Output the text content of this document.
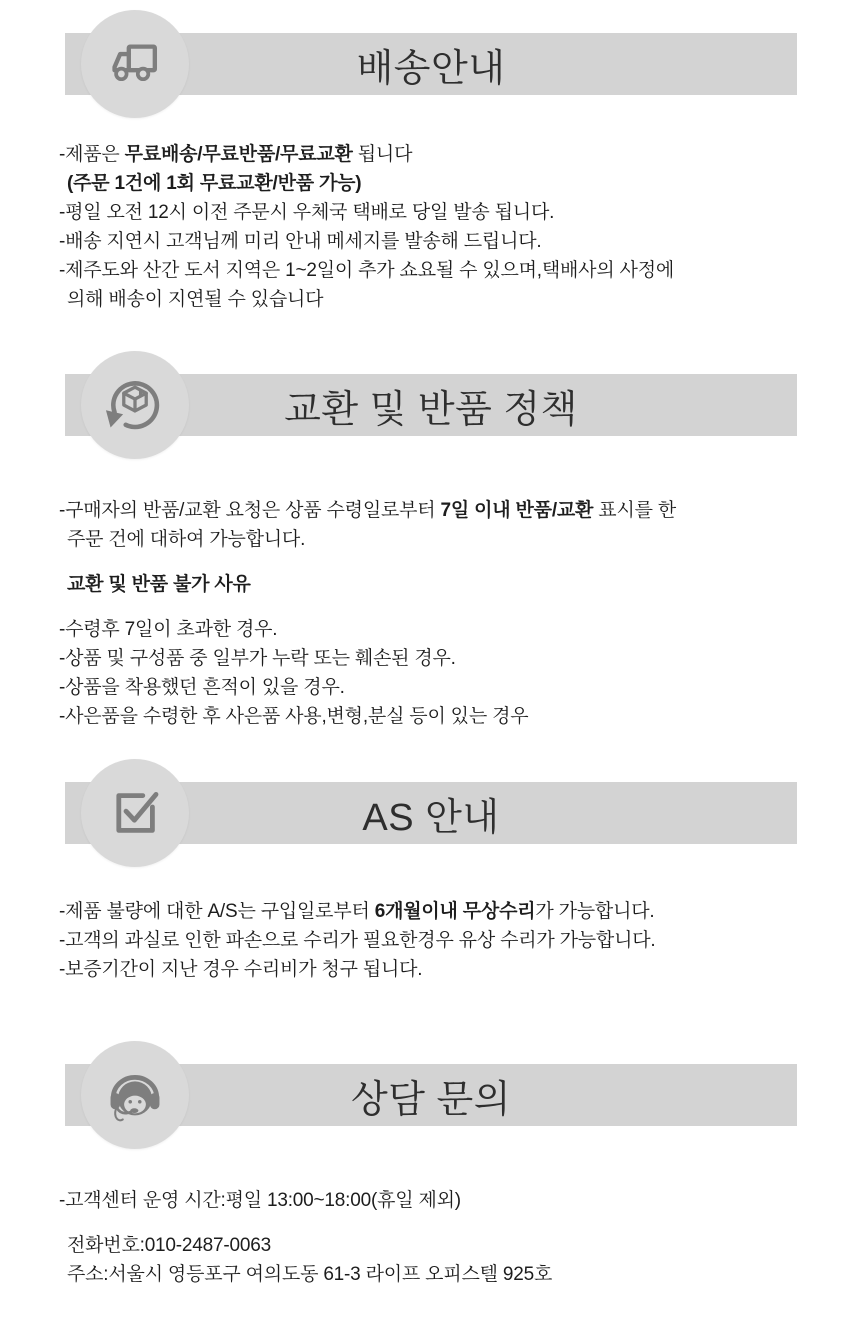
배송안내

-제품은 무료배송/무료반품/무료교환 됩니다

(주문 1건에 1회 무료교환/반품 가능)

-평일 오전 12시 이전 주문시 우체국 택배로 당일 발송 됩니다.

-배송 지연시 고객님께 미리 안내 메세지를 발송해 드립니다.

-제주도와 산간 도서 지역은 1~2일이 추가 쇼요될 수 있으며,택배사의 사정에

의해 배송이 지연될 수 있습니다

교환 및 반품 정책

-구매자의 반품/교환 요청은 상품 수령일로부터 7일 이내 반품/교환 표시를 한

주문 건에 대하여 가능합니다.

교환 및 반품 불가 사유

-수령후 7일이 초과한 경우.

-상품 및 구성품 중 일부가 누락 또는 훼손된 경우.

-상품을 착용했던 흔적이 있을 경우.

-사은품을 수령한 후 사은품 사용,변형,분실 등이 있는 경우

AS 안내

-제품 불량에 대한 A/S는 구입일로부터 6개월이내 무상수리가 가능합니다.

-고객의 과실로 인한 파손으로 수리가 필요한경우 유상 수리가 가능합니다.

-보증기간이 지난 경우 수리비가 청구 됩니다.

상담 문의

-고객센터 운영 시간:평일 13:00~18:00(휴일 제외)

전화번호:010-2487-0063

주소:서울시 영등포구 여의도동 61-3 라이프 오피스텔 925호
